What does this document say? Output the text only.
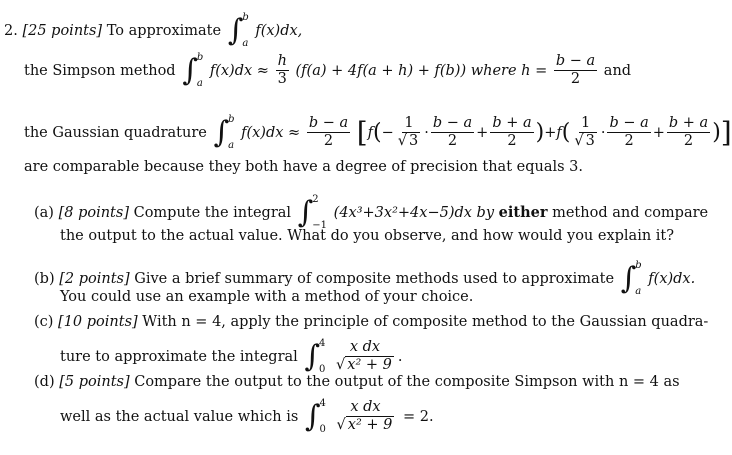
2. [25 points] To approximate ∫ b
a
f(x)dx,
the Simpson method ∫ b
a
$f(x)dx \approx \frac{h}{3} (f(a) + 4f(a + h) + f(b))$ where $h = \frac{b - a}{2}$ and
the Gaussian quadrature ∫ b
a
$f(x)dx \approx \frac{b - a}{2} [f(- \frac{1}{√ 3} \cdot \frac{b - a}{2} + \frac{b + a}{2} )+f( \frac{1}{√ 3} \cdot \frac{b - a}{2} + \frac{b + a}{2}$ )]
are comparable because they both have a degree of precision that equals 3.
(a) [8 points] Compute the integral ∫ 2
−1
(4x³+3x²+4x−5)dx by either method and compare
the output to the actual value. What do you observe, and how would you explain it?
(b) [2 points] Give a brief summary of composite methods used to approximate ∫ b
a
f(x)dx.
You could use an example with a method of your choice.
(c) [10 points] With n = 4, apply the principle of composite method to the Gaussian quadra-
ture to approximate the integral ∫ 4
0
$\frac{\text{x dx}}{\text{√ x² + 9}}$ .
(d) [5 points] Compare the output to the output of the composite Simpson with n = 4 as
well as the actual value which is ∫ 4
0
$\frac{\text{x dx}}{\text{√ x² + 9}} = 2$.
